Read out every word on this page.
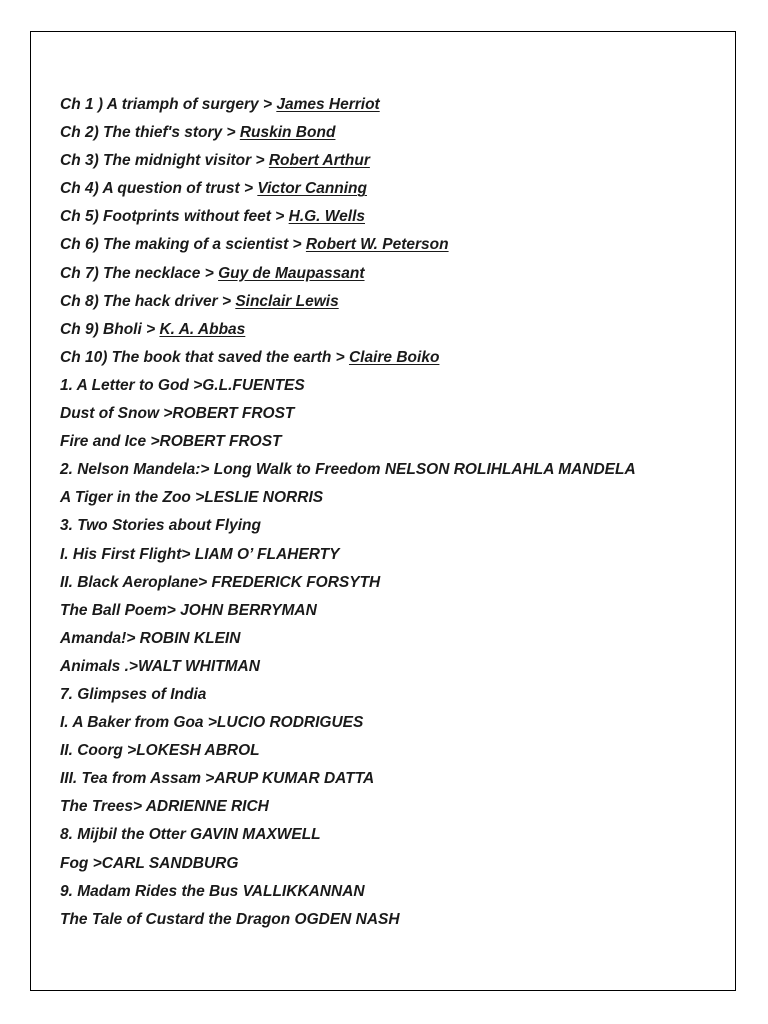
Ch 1 ) A triamph of surgery > James Herriot
Ch 2) The thief's story > Ruskin Bond
Ch 3) The midnight visitor > Robert Arthur
Ch 4) A question of trust > Victor Canning
Ch 5) Footprints without feet > H.G. Wells
Ch 6) The making of a scientist > Robert W. Peterson
Ch 7) The necklace > Guy de Maupassant
Ch 8) The hack driver > Sinclair Lewis
Ch 9) Bholi > K. A. Abbas
Ch 10) The book that saved the earth > Claire Boiko
1. A Letter to God >G.L.FUENTES
Dust of Snow >ROBERT FROST
Fire and Ice >ROBERT FROST
2. Nelson Mandela:> Long Walk to Freedom NELSON ROLIHLAHLA MANDELA
A Tiger in the Zoo >LESLIE NORRIS
3. Two Stories about Flying
I. His First Flight> LIAM O’ FLAHERTY
II. Black Aeroplane> FREDERICK FORSYTH
The Ball Poem> JOHN BERRYMAN
Amanda!> ROBIN KLEIN
Animals .>WALT WHITMAN
7. Glimpses of India
I. A Baker from Goa >LUCIO RODRIGUES
II. Coorg >LOKESH ABROL
III. Tea from Assam >ARUP KUMAR DATTA
The Trees> ADRIENNE RICH
8. Mijbil the Otter GAVIN MAXWELL
Fog >CARL SANDBURG
9. Madam Rides the Bus VALLIKKANNAN
The Tale of Custard the Dragon OGDEN NASH
